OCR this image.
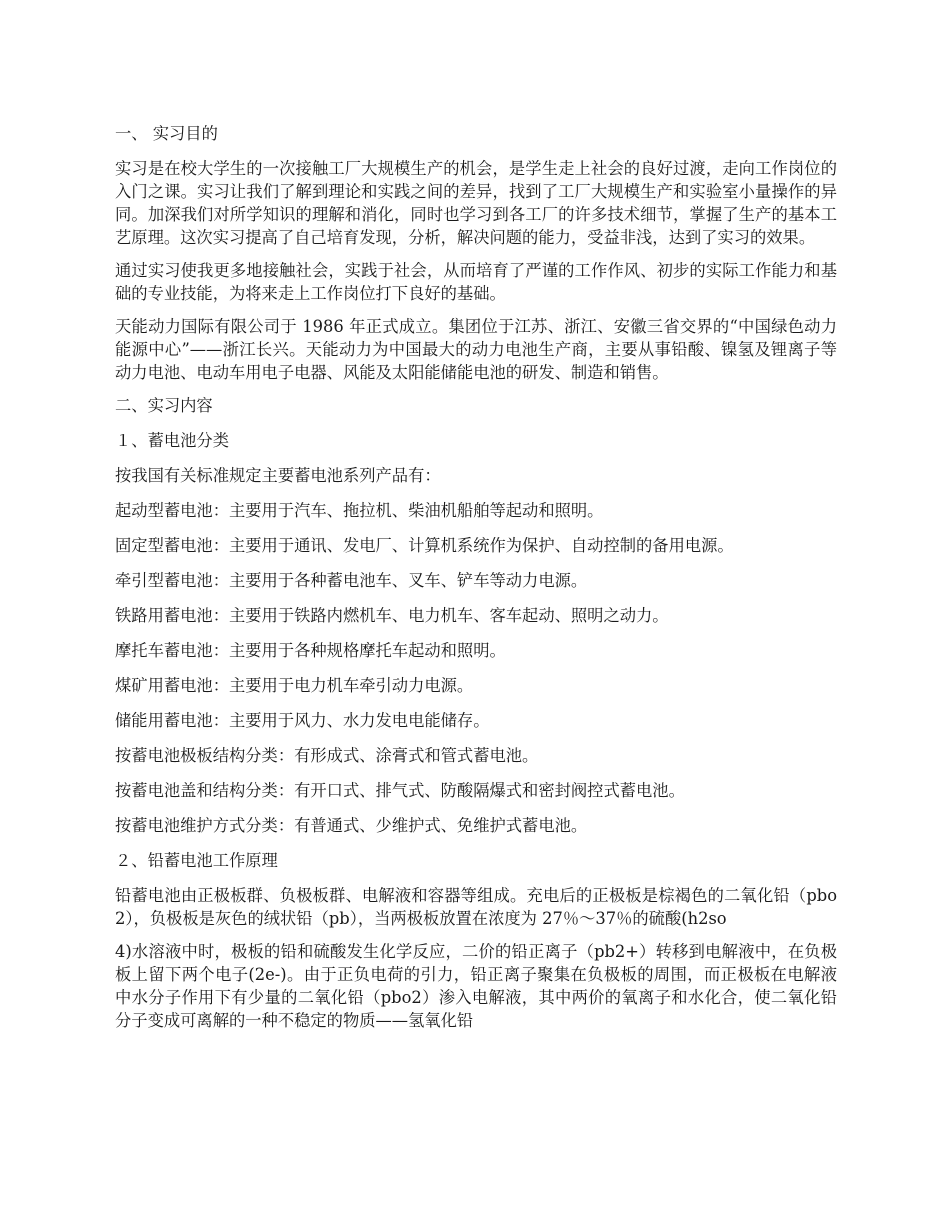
一、 实习目的

实习是在校大学生的一次接触工厂大规模生产的机会，是学生走上社会的良好过渡，走向工作岗位的入门之课。实习让我们了解到理论和实践之间的差异，找到了工厂大规模生产和实验室小量操作的异同。加深我们对所学知识的理解和消化，同时也学习到各工厂的许多技术细节，掌握了生产的基本工艺原理。这次实习提高了自己培育发现，分析，解决问题的能力，受益非浅，达到了实习的效果。

通过实习使我更多地接触社会，实践于社会，从而培育了严谨的工作作风、初步的实际工作能力和基础的专业技能，为将来走上工作岗位打下良好的基础。

天能动力国际有限公司于 1986 年正式成立。集团位于江苏、浙江、安徽三省交界的“中国绿色动力能源中心”——浙江长兴。天能动力为中国最大的动力电池生产商，主要从事铅酸、镍氢及锂离子等动力电池、电动车用电子电器、风能及太阳能储能电池的研发、制造和销售。

二、实习内容

１、蓄电池分类

按我国有关标准规定主要蓄电池系列产品有：

起动型蓄电池：主要用于汽车、拖拉机、柴油机船舶等起动和照明。

固定型蓄电池：主要用于通讯、发电厂、计算机系统作为保护、自动控制的备用电源。

牵引型蓄电池：主要用于各种蓄电池车、叉车、铲车等动力电源。

铁路用蓄电池：主要用于铁路内燃机车、电力机车、客车起动、照明之动力。

摩托车蓄电池：主要用于各种规格摩托车起动和照明。

煤矿用蓄电池：主要用于电力机车牵引动力电源。

储能用蓄电池：主要用于风力、水力发电电能储存。

按蓄电池极板结构分类：有形成式、涂膏式和管式蓄电池。

按蓄电池盖和结构分类：有开口式、排气式、防酸隔爆式和密封阀控式蓄电池。

按蓄电池维护方式分类：有普通式、少维护式、免维护式蓄电池。

２、铅蓄电池工作原理

铅蓄电池由正极板群、负极板群、电解液和容器等组成。充电后的正极板是棕褐色的二氧化铅（pbo2），负极板是灰色的绒状铅（pb），当两极板放置在浓度为 27％～37％的硫酸(h2so

4)水溶液中时，极板的铅和硫酸发生化学反应，二价的铅正离子（pb2+）转移到电解液中，在负极板上留下两个电子(2e-)。由于正负电荷的引力，铅正离子聚集在负极板的周围，而正极板在电解液中水分子作用下有少量的二氧化铅（pbo2）渗入电解液，其中两价的氧离子和水化合，使二氧化铅分子变成可离解的一种不稳定的物质——氢氧化铅
